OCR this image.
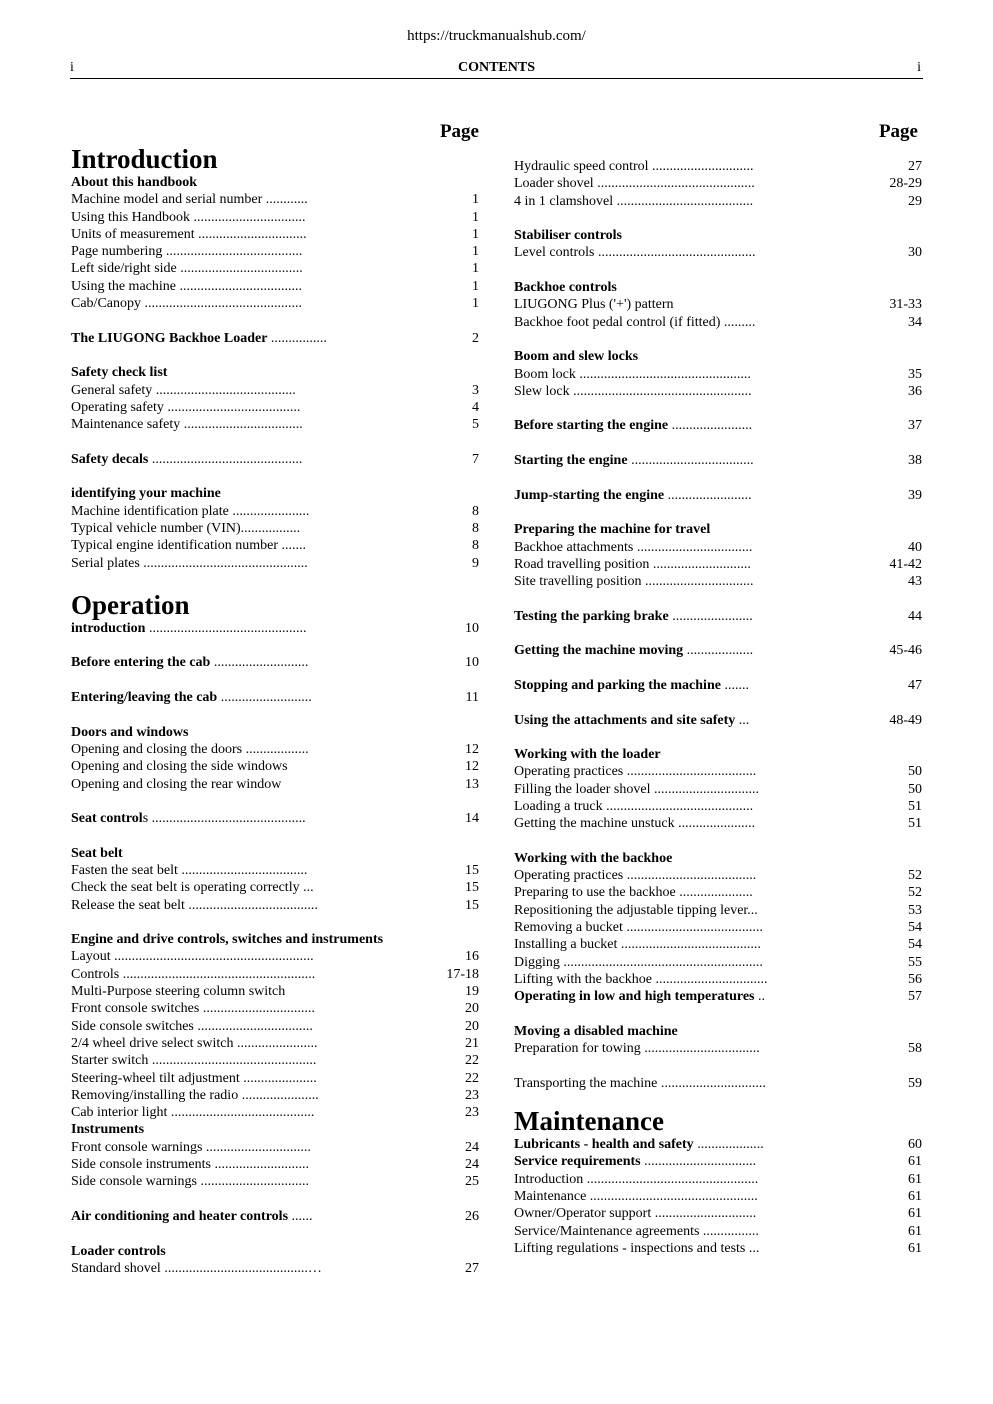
https://truckmanualshub.com/
i	CONTENTS	i
Page
Introduction
About this handbook
Machine model and serial number ............	1
Using this Handbook ................................	1
Units of measurement ...............................	1
Page numbering .......................................	1
Left side/right side ...................................	1
Using the machine ...................................	1
Cab/Canopy .............................................	1
The LIUGONG Backhoe Loader ................	2
Safety check list
General safety ........................................	3
Operating safety ......................................	4
Maintenance safety ..................................	5
Safety decals ...........................................	7
identifying your machine
Machine identification plate ......................	8
Typical vehicle number (VIN).................	8
Typical engine identification number .......	8
Serial plates ...............................................	9
Operation
introduction .............................................	10
Before entering the cab ...........................	10
Entering/leaving the cab ..........................	11
Doors and windows
Opening and closing the doors ..................	12
Opening and closing the side windows	12
Opening and closing the rear window	13
Seat controls ............................................	14
Seat belt
Fasten the seat belt ....................................	15
Check the seat belt is operating correctly ...	15
Release the seat belt .....................................	15
Engine and drive controls, switches and instruments
Layout .........................................................	16
Controls .......................................................	17-18
Multi-Purpose steering column switch	19
Front console switches ................................	20
Side console switches .................................	20
2/4 wheel drive select switch .......................	21
Starter switch ...............................................	22
Steering-wheel tilt adjustment .....................	22
Removing/installing the radio ......................	23
Cab interior light .........................................	23
Instruments
Front console warnings ..............................	24
Side console instruments ...........................	24
Side console warnings ...............................	25
Air conditioning and heater controls ......	26
Loader controls
Standard shovel .........................................…	27
Page
Hydraulic speed control .............................	27
Loader shovel .............................................	28-29
4 in 1 clamshovel .......................................	29
Stabiliser controls
Level controls .............................................	30
Backhoe controls
LIUGONG Plus ('+') pattern	31-33
Backhoe foot pedal control (if fitted) .........	34
Boom and slew locks
Boom lock .................................................	35
Slew lock ...................................................	36
Before starting the engine .......................	37
Starting the engine ...................................	38
Jump-starting the engine ........................	39
Preparing the machine for travel
Backhoe attachments .................................	40
Road travelling position ............................	41-42
Site travelling position ...............................	43
Testing the parking brake .......................	44
Getting the machine moving ...................	45-46
Stopping and parking the machine .......	47
Using the attachments and site safety ...	48-49
Working with the loader
Operating practices .....................................	50
Filling the loader shovel ..............................	50
Loading a truck ..........................................	51
Getting the machine unstuck ......................	51
Working with the backhoe
Operating practices .....................................	52
Preparing to use the backhoe .....................	52
Repositioning the adjustable tipping lever...	53
Removing a bucket .......................................	54
Installing a bucket ........................................	54
Digging .........................................................	55
Lifting with the backhoe ................................	56
Operating in low and high temperatures ..	57
Moving a disabled machine
Preparation for towing .................................	58
Transporting the machine ..............................	59
Maintenance
Lubricants - health and safety ...................	60
Service requirements ................................	61
Introduction .................................................	61
Maintenance ................................................	61
Owner/Operator support .............................	61
Service/Maintenance agreements ................	61
Lifting regulations - inspections and tests ...	61
